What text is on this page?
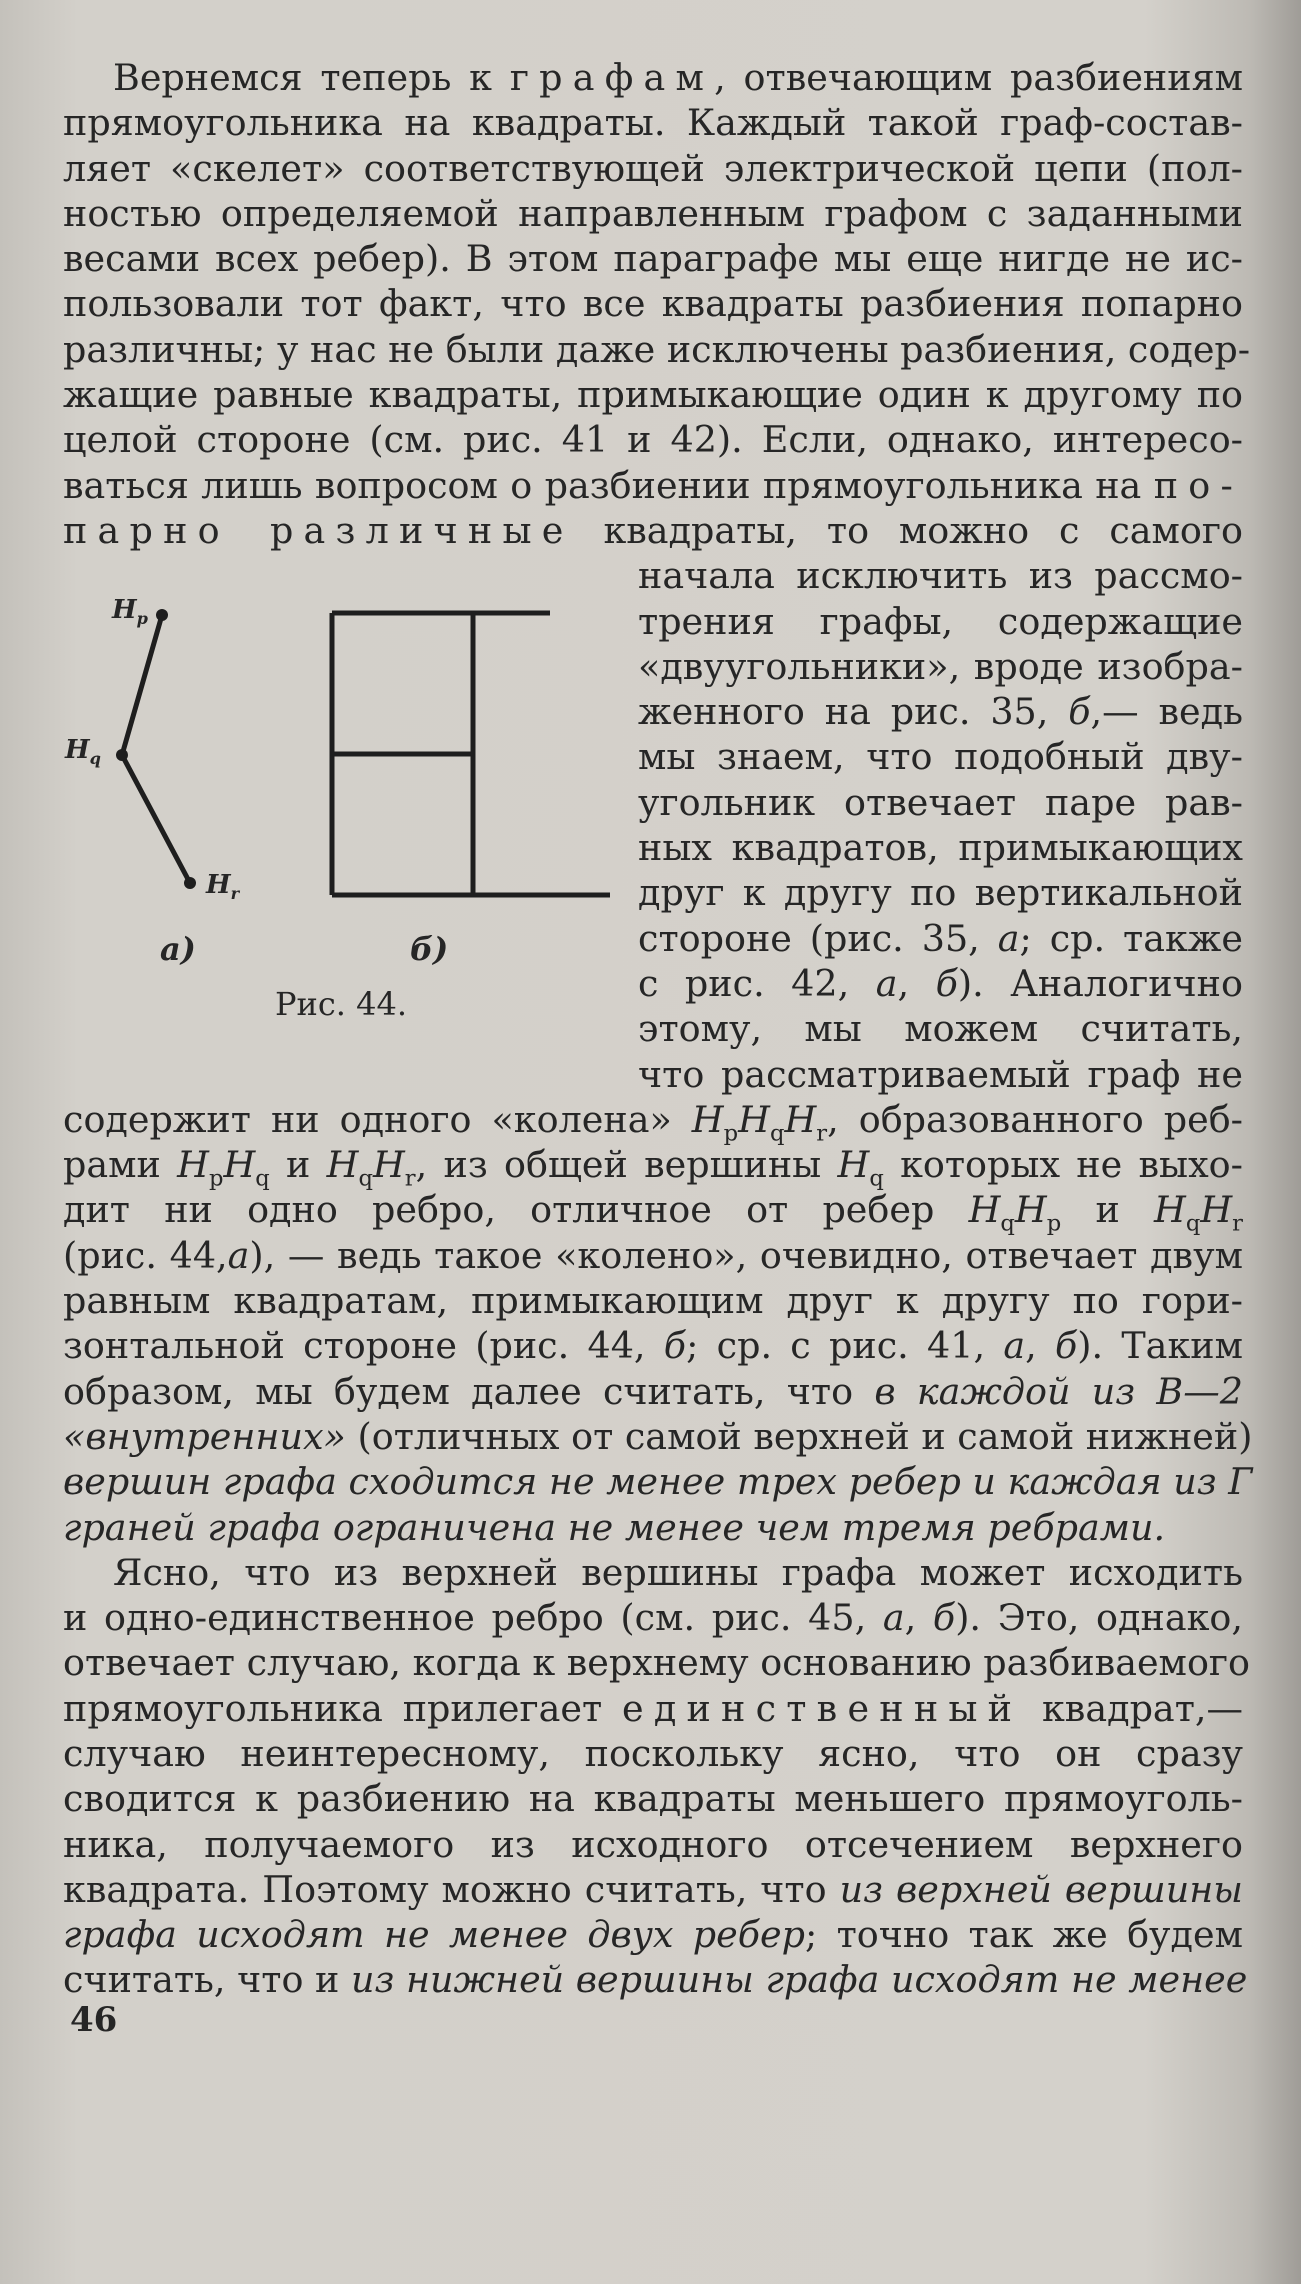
Вернемся теперь к графам, отвечающим разбиениям
прямоугольника на квадраты. Каждый такой граф-состав-
ляет «скелет» соответствующей электрической цепи (пол-
ностью определяемой направленным графом с заданными
весами всех ребер). В этом параграфе мы еще нигде не ис-
пользовали тот факт, что все квадраты разбиения попарно
различны; у нас не были даже исключены разбиения, содер-
жащие равные квадраты, примыкающие один к другому по
целой стороне (см. рис. 41 и 42). Если, однако, интересо-
ваться лишь вопросом о разбиении прямоугольника на по-
парно различные квадраты, то можно с самого
начала исключить из рассмо-
трения графы, содержащие
«двуугольники», вроде изобра-
женного на рис. 35, б,— ведь
мы знаем, что подобный дву-
угольник отвечает паре рав-
ных квадратов, примыкающих
друг к другу по вертикальной
стороне (рис. 35, а; ср. также
с рис. 42, а, б). Аналогично
этому, мы можем считать,
что рассматриваемый граф не
содержит ни одного «колена» $H_pH_qH_r$, образованного реб-
рами $H_pH_q$ и $H_qH_r$, из общей вершины $H_q$ которых не выхо-
дит ни одно ребро, отличное от ребер $H_qH_p$ и $H_qH_r$
(рис. 44,а), — ведь такое «колено», очевидно, отвечает двум
равным квадратам, примыкающим друг к другу по гори-
зонтальной стороне (рис. 44, б; ср. с рис. 41, а, б). Таким
образом, мы будем далее считать, что в каждой из В—2
«внутренних» (отличных от самой верхней и самой нижней)
вершин графа сходится не менее трех ребер и каждая из Г
граней графа ограничена не менее чем тремя ребрами.
Ясно, что из верхней вершины графа может исходить
и одно-единственное ребро (см. рис. 45, а, б). Это, однако,
отвечает случаю, когда к верхнему основанию разбиваемого
прямоугольника прилегает единственный квадрат,—
случаю неинтереcному, поскольку ясно, что он сразу
сводится к разбиению на квадраты меньшего прямоуголь-
ника, получаемого из исходного отсечением верхнего
квадрата. Поэтому можно считать, что из верхней вершины
графа исходят не менее двух ребер; точно так же будем
считать, что и из нижней вершины графа исходят не менее
$H_p$
$H_q$
$H_r$
а)	б)
Рис. 44.
46
